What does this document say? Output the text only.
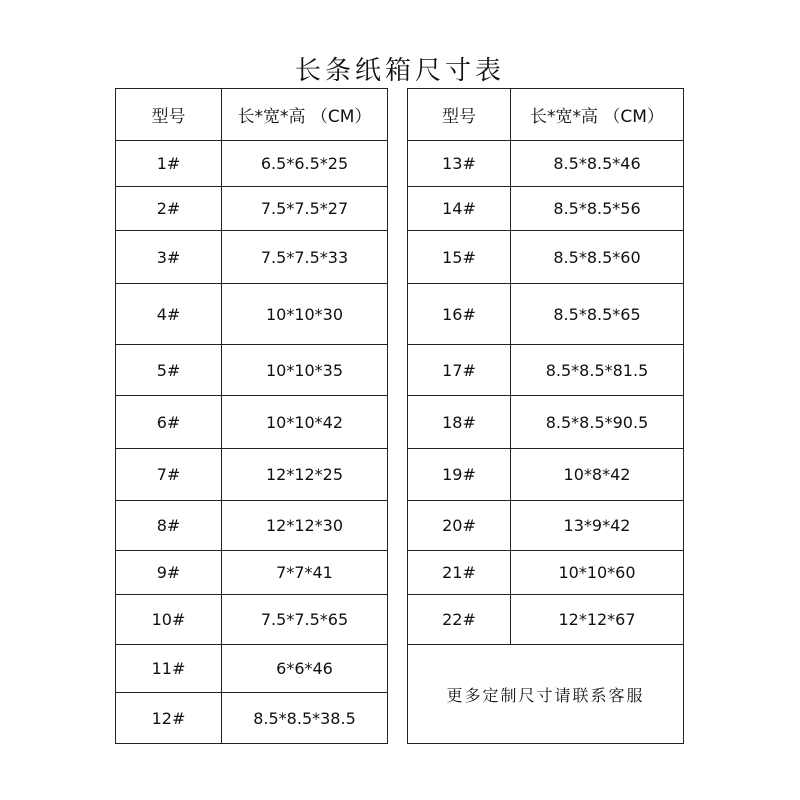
长条纸箱尺寸表
型号	长*宽*高 （CM）
1#	6.5*6.5*25
2#	7.5*7.5*27
3#	7.5*7.5*33
4#	10*10*30
5#	10*10*35
6#	10*10*42
7#	12*12*25
8#	12*12*30
9#	7*7*41
10#	7.5*7.5*65
11#	6*6*46
12#	8.5*8.5*38.5
型号	长*宽*高 （CM）
13#	8.5*8.5*46
14#	8.5*8.5*56
15#	8.5*8.5*60
16#	8.5*8.5*65
17#	8.5*8.5*81.5
18#	8.5*8.5*90.5
19#	10*8*42
20#	13*9*42
21#	10*10*60
22#	12*12*67
更多定制尺寸请联系客服	
